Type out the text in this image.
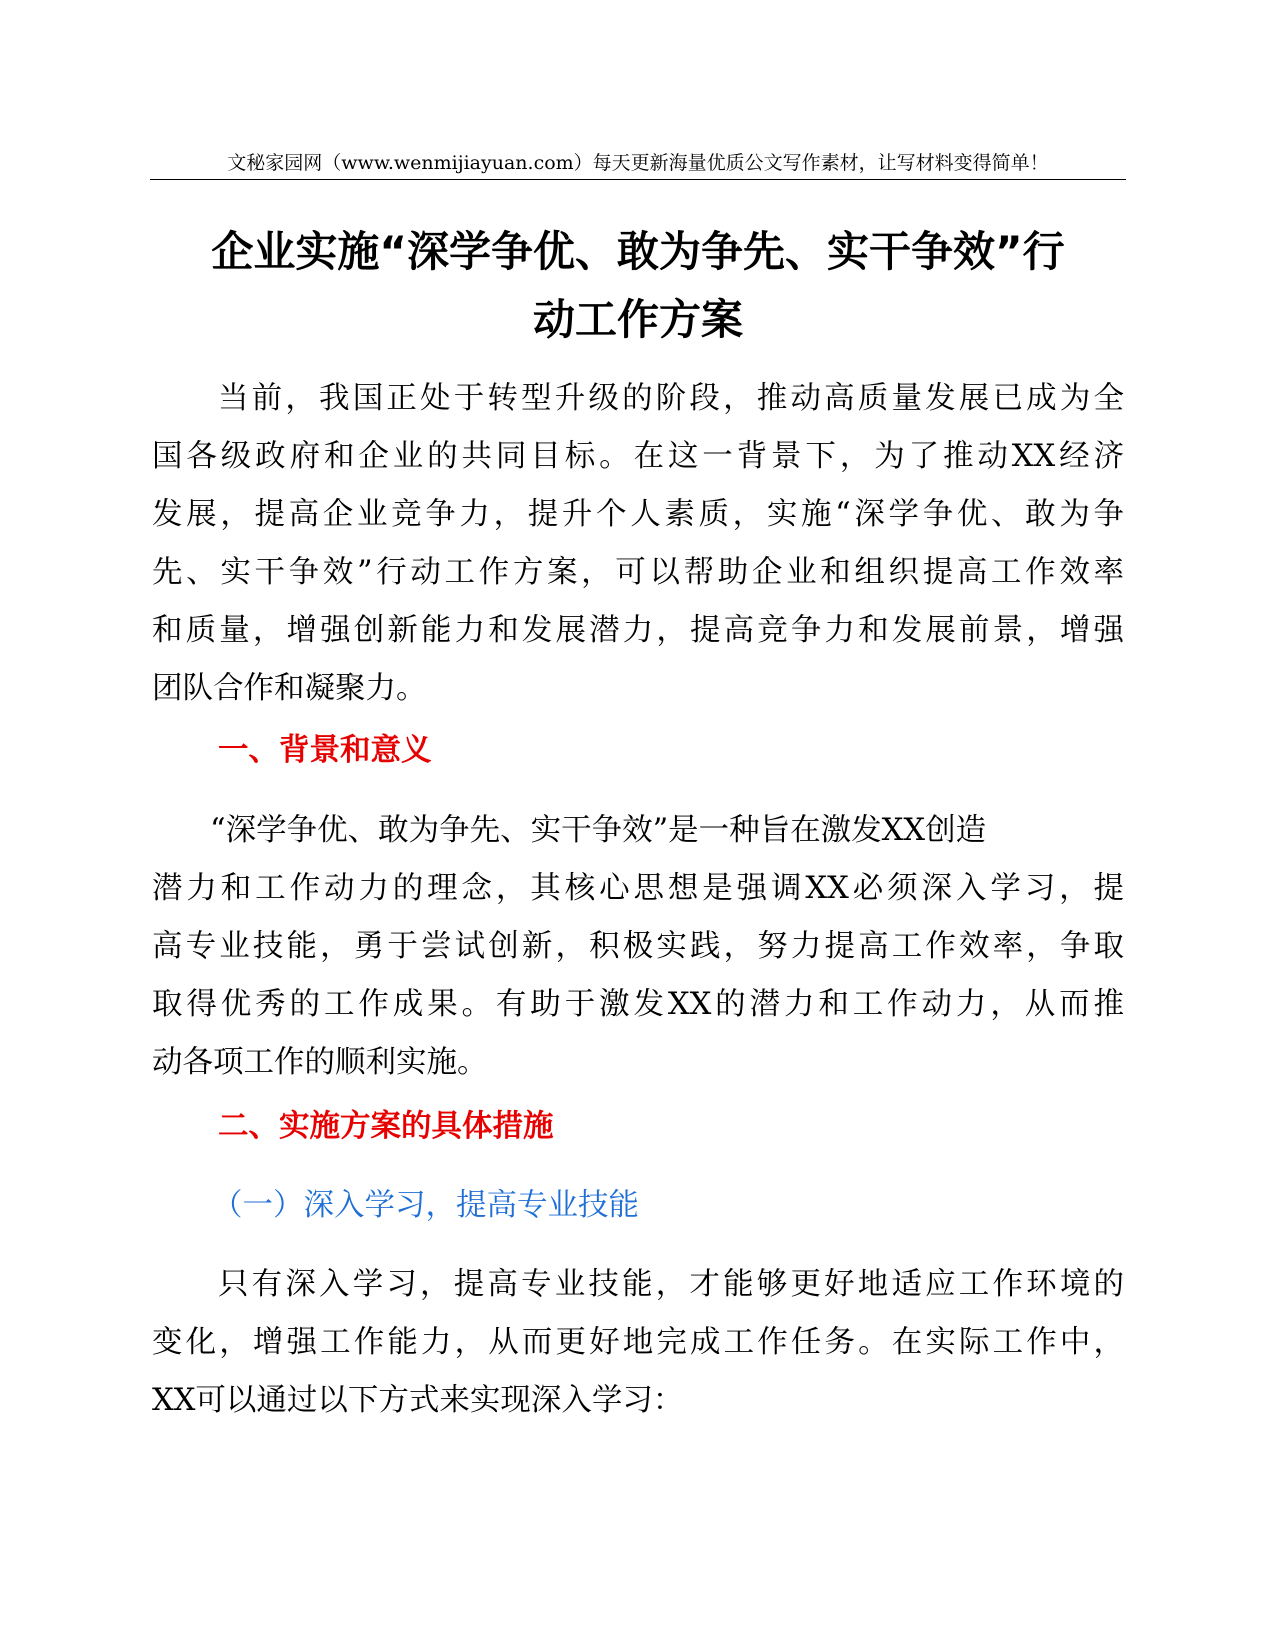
文秘家园网（www.wenmijiayuan.com）每天更新海量优质公文写作素材，让写材料变得简单！
企业实施“深学争优、敢为争先、实干争效”行
动工作方案
当前，我国正处于转型升级的阶段，推动高质量发展已成为全
国各级政府和企业的共同目标。在这一背景下，为了推动XX经济
发展，提高企业竞争力，提升个人素质，实施“深学争优、敢为争
先、实干争效”行动工作方案，可以帮助企业和组织提高工作效率
和质量，增强创新能力和发展潜力，提高竞争力和发展前景，增强
团队合作和凝聚力。
一、背景和意义
“深学争优、敢为争先、实干争效”是一种旨在激发XX创造
潜力和工作动力的理念，其核心思想是强调XX必须深入学习，提
高专业技能，勇于尝试创新，积极实践，努力提高工作效率，争取
取得优秀的工作成果。有助于激发XX的潜力和工作动力，从而推
动各项工作的顺利实施。
二、实施方案的具体措施
（一）深入学习，提高专业技能
只有深入学习，提高专业技能，才能够更好地适应工作环境的
变化，增强工作能力，从而更好地完成工作任务。在实际工作中，
XX可以通过以下方式来实现深入学习：
